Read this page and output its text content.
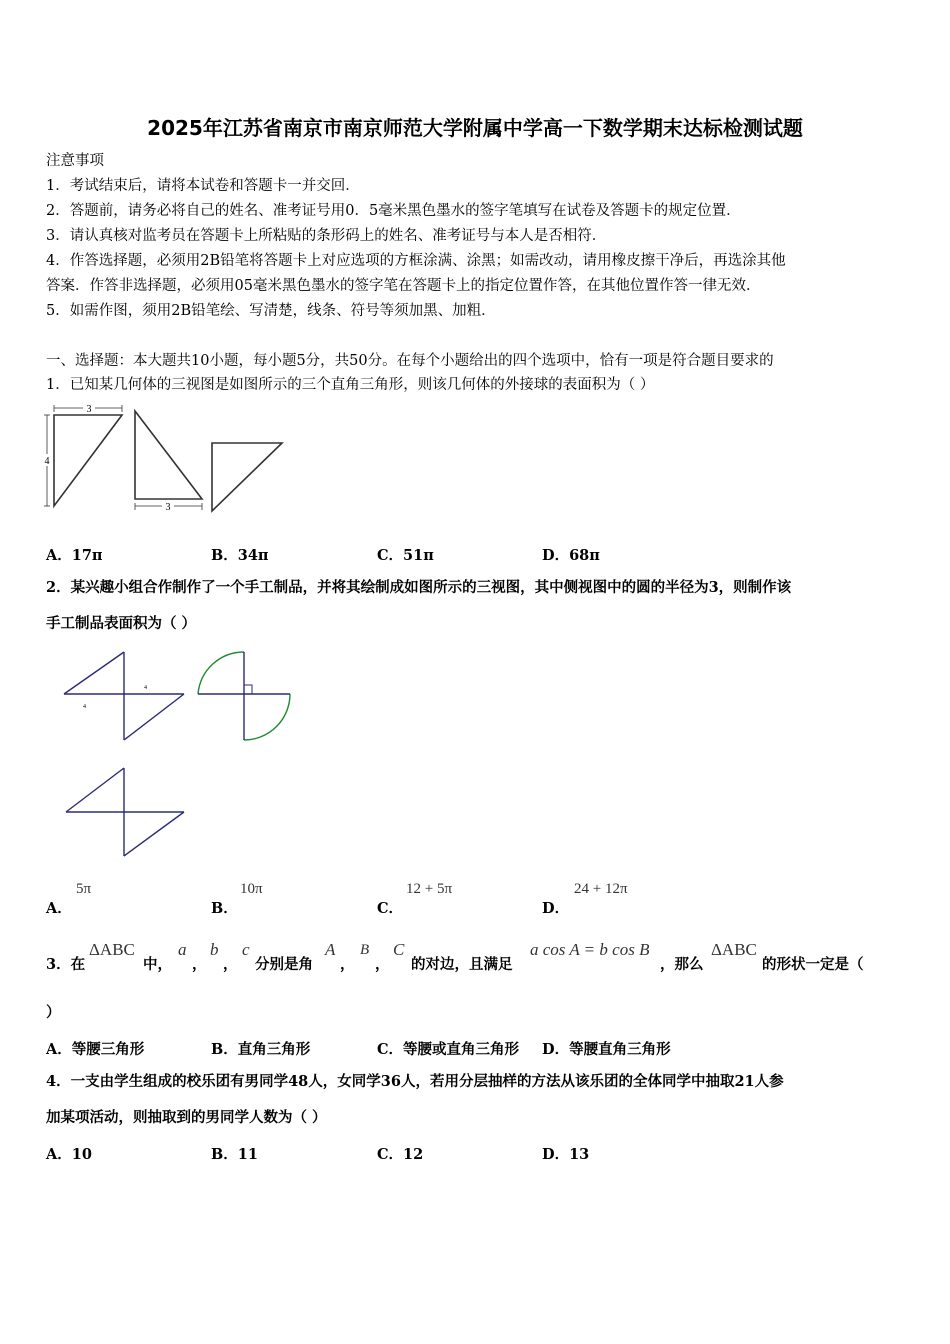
2025年江苏省南京市南京师范大学附属中学高一下数学期末达标检测试题
注意事项
1．考试结束后，请将本试卷和答题卡一并交回．
2．答题前，请务必将自己的姓名、准考证号用0．5毫米黑色墨水的签字笔填写在试卷及答题卡的规定位置．
3．请认真核对监考员在答题卡上所粘贴的条形码上的姓名、准考证号与本人是否相符．
4．作答选择题，必须用2B铅笔将答题卡上对应选项的方框涂满、涂黑；如需改动，请用橡皮擦干净后，再选涂其他
答案．作答非选择题，必须用05毫米黑色墨水的签字笔在答题卡上的指定位置作答，在其他位置作答一律无效．
5．如需作图，须用2B铅笔绘、写清楚，线条、符号等须加黑、加粗．
一、选择题：本大题共10小题，每小题5分，共50分。在每个小题给出的四个选项中，恰有一项是符合题目要求的
1．已知某几何体的三视图是如图所示的三个直角三角形，则该几何体的外接球的表面积为（ ）
3
4
3
A．17π	B．34π	C．51π	D．68π
2．某兴趣小组合作制作了一个手工制品，并将其绘制成如图所示的三视图，其中侧视图中的圆的半径为3，则制作该
手工制品表面积为（ ）
4
4
A．
5π
B．
10π
C．
12 + 5π
D．
24 + 12π
3．在
ΔABC
中，
a
，
b
，
c
分别是角
A
，
B
，
C
的对边，且满足
a cos A = b cos B
，那么
ΔABC
的形状一定是（
）
A．等腰三角形	B．直角三角形	C．等腰或直角三角形 D．等腰直角三角形
4．一支由学生组成的校乐团有男同学48人，女同学36人，若用分层抽样的方法从该乐团的全体同学中抽取21人参
加某项活动，则抽取到的男同学人数为（ ）
A．10	B．11	C．12	D．13
